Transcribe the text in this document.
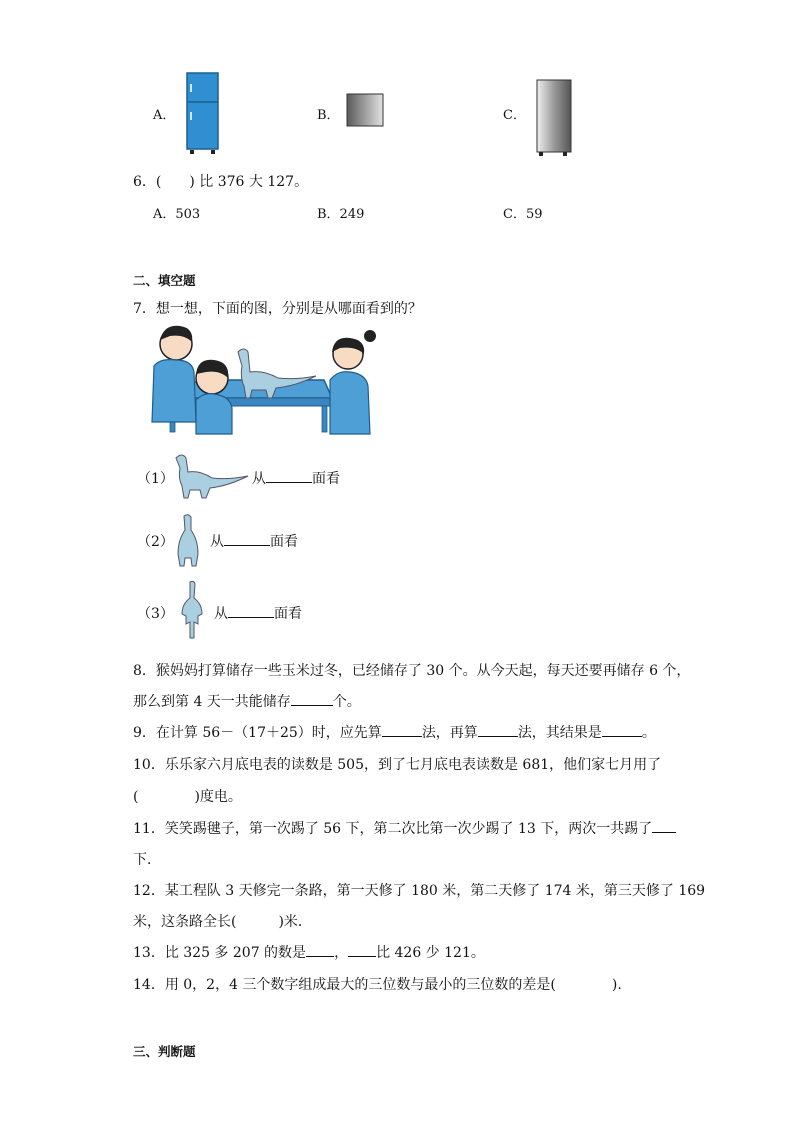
A．	B．	C．
6．(　　) 比 376 大 127。
A．503	B．249	C．59
二、填空题
7．想一想，下面的图，分别是从哪面看到的？
（1）	从	面看
（2）	从	面看
（3）	从	面看
8．猴妈妈打算储存一些玉米过冬，已经储存了 30 个。从今天起，每天还要再储存 6 个，
那么到第 4 天一共能储存	个。
9．在计算 56－（17＋25）时，应先算	法，再算	法，其结果是	。
10．乐乐家六月底电表的读数是 505，到了七月底电表读数是 681，他们家七月用了
(　　　　)度电。
11．笑笑踢毽子，第一次踢了 56 下，第二次比第一次少踢了 13 下，两次一共踢了
下.
12．某工程队 3 天修完一条路，第一天修了 180 米，第二天修了 174 米，第三天修了 169
米，这条路全长(　　　)米．
13．比 325 多 207 的数是 ， 比 426 少 121。
14．用 0，2，4 三个数字组成最大的三位数与最小的三位数的差是(　　　　).
三、判断题
